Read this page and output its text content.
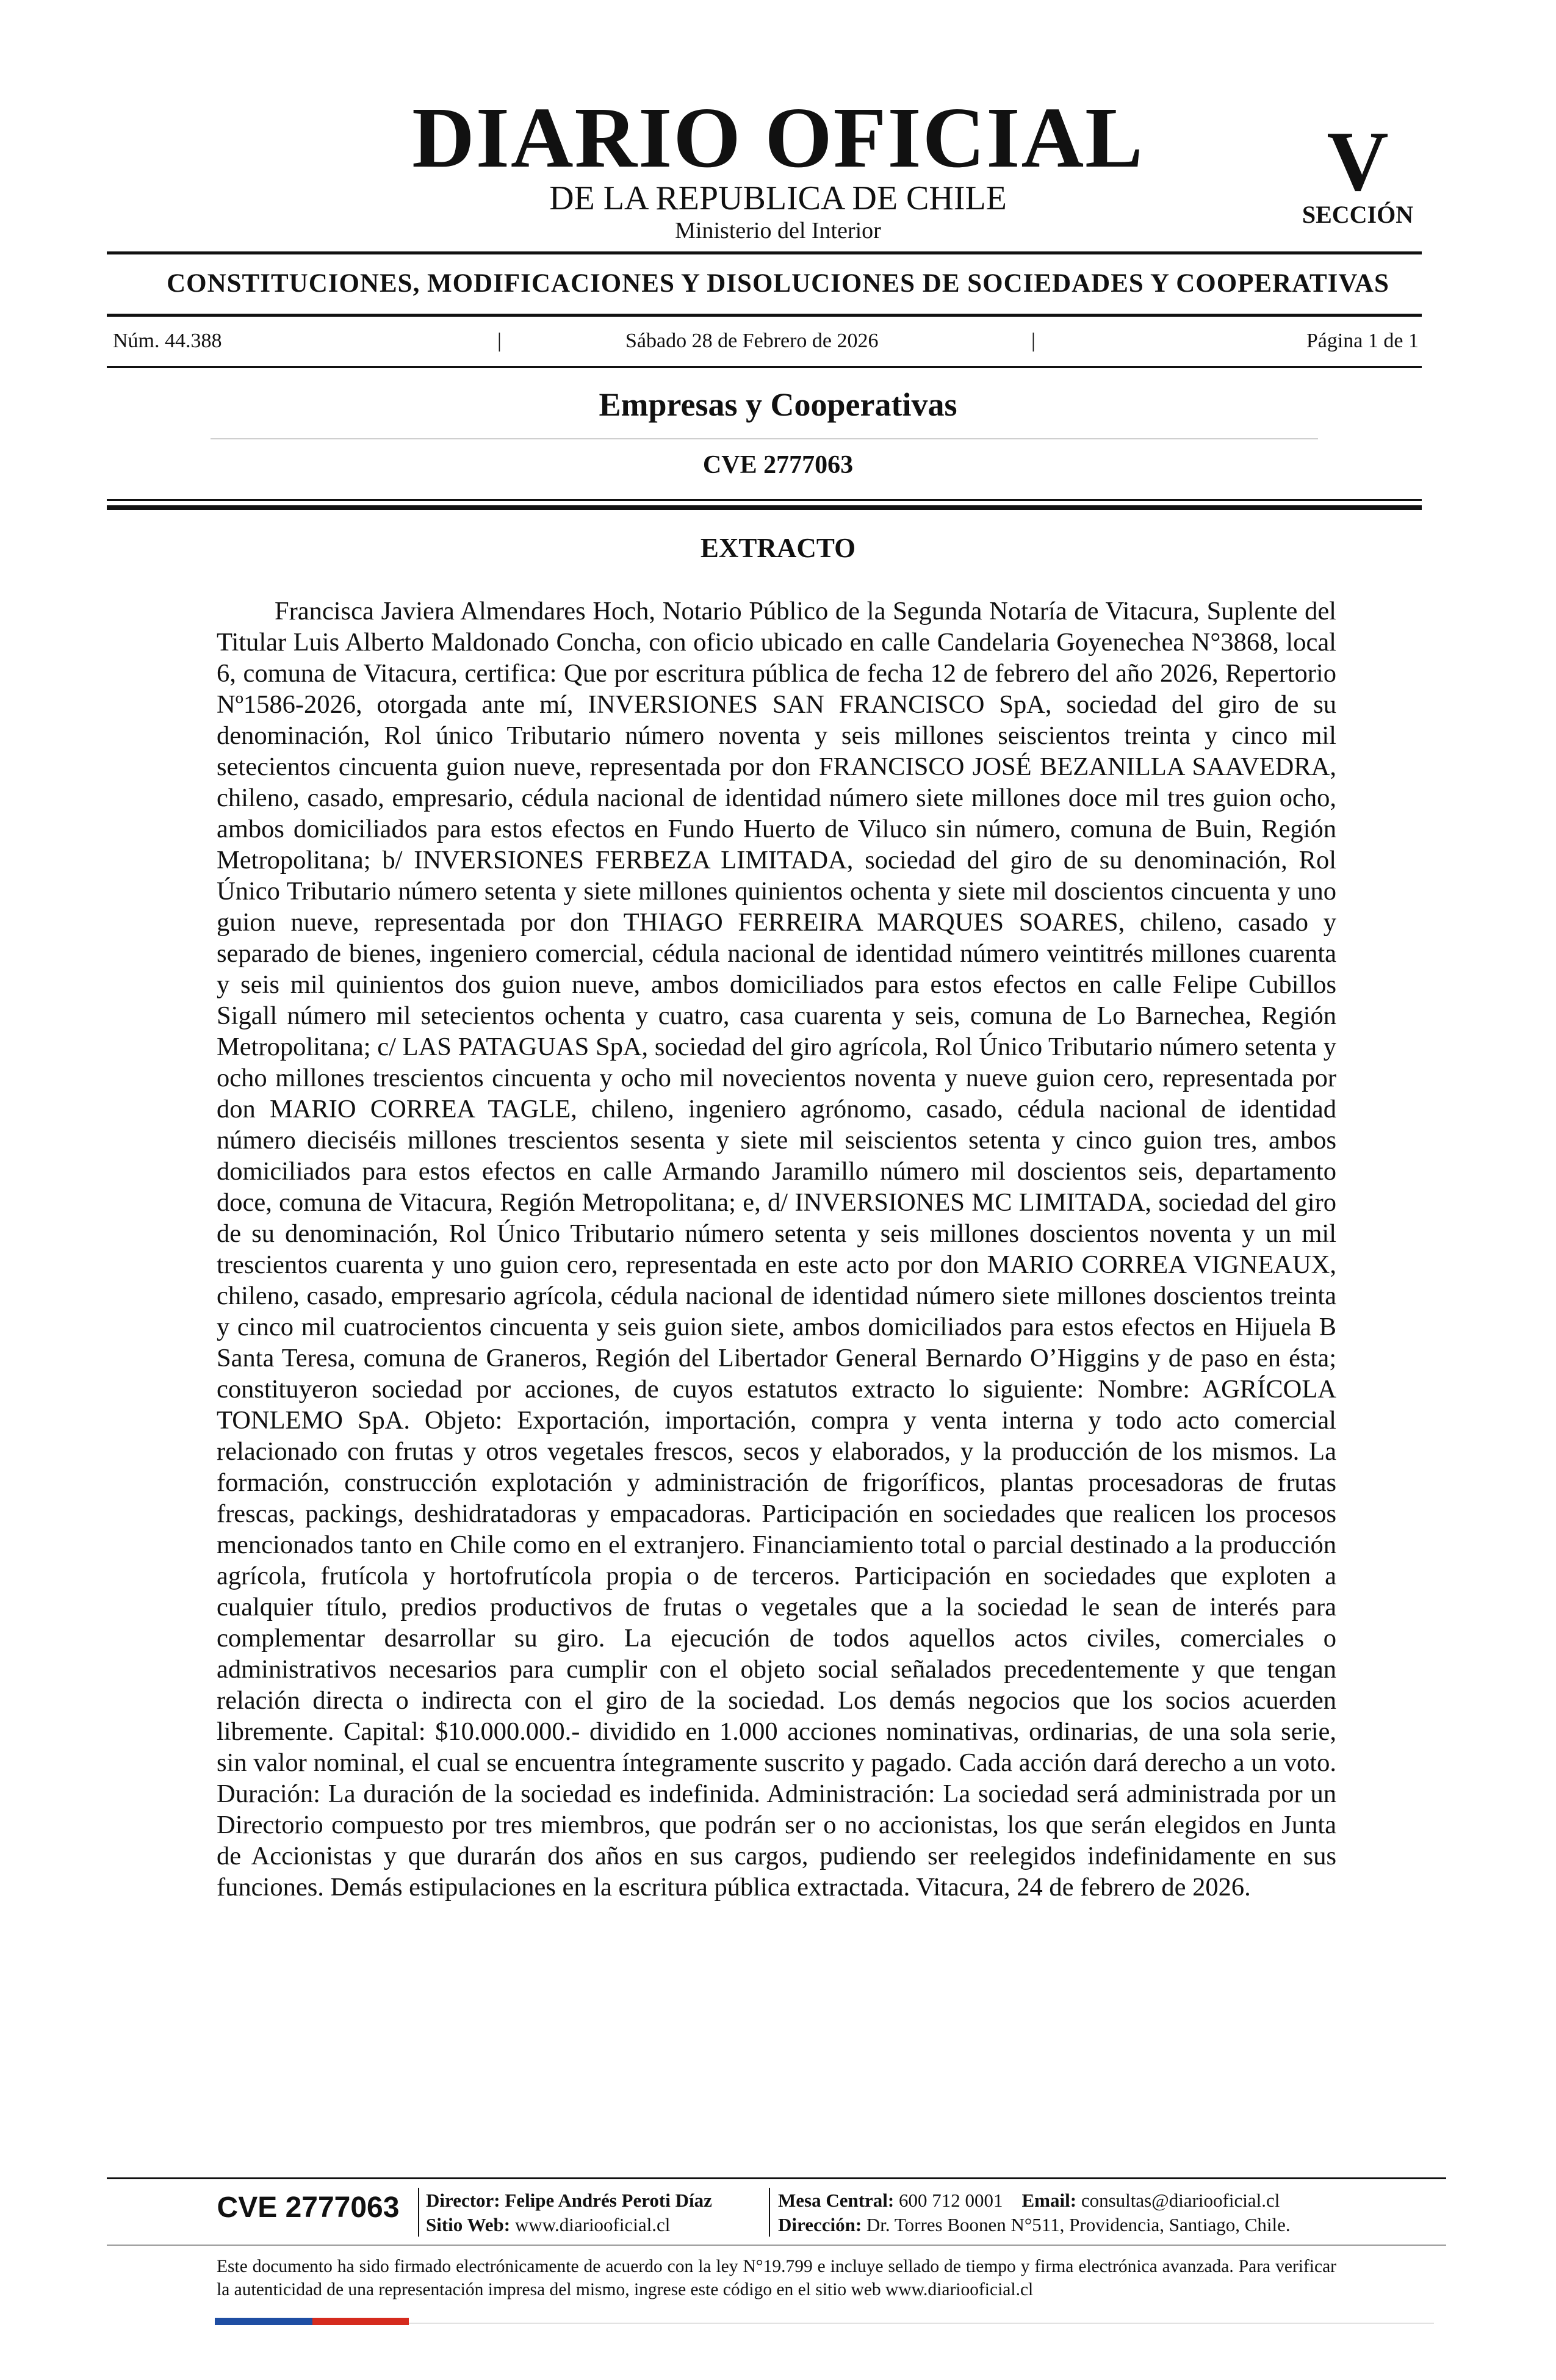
DIARIO OFICIAL
DE LA REPUBLICA DE CHILE
Ministerio del Interior
V
SECCIÓN
CONSTITUCIONES, MODIFICACIONES Y DISOLUCIONES DE SOCIEDADES Y COOPERATIVAS
Núm. 44.388	|	Sábado 28 de Febrero de 2026	|	Página 1 de 1
Empresas y Cooperativas
CVE 2777063
EXTRACTO

Francisca Javiera Almendares Hoch, Notario Público de la Segunda Notaría de Vitacura, Suplente del Titular Luis Alberto Maldonado Concha, con oficio ubicado en calle Candelaria Goyenechea N°3868, local 6, comuna de Vitacura, certifica: Que por escritura pública de fecha 12 de febrero del año 2026, Repertorio Nº1586-2026, otorgada ante mí, INVERSIONES SAN FRANCISCO SpA, sociedad del giro de su denominación, Rol único Tributario número noventa y seis millones seiscientos treinta y cinco mil setecientos cincuenta guion nueve, representada por don FRANCISCO JOSÉ BEZANILLA SAAVEDRA, chileno, casado, empresario, cédula nacional de identidad número siete millones doce mil tres guion ocho, ambos domiciliados para estos efectos en Fundo Huerto de Viluco sin número, comuna de Buin, Región Metropolitana; b/ INVERSIONES FERBEZA LIMITADA, sociedad del giro de su denominación, Rol Único Tributario número setenta y siete millones quinientos ochenta y siete mil doscientos cincuenta y uno guion nueve, representada por don THIAGO FERREIRA MARQUES SOARES, chileno, casado y separado de bienes, ingeniero comercial, cédula nacional de identidad número veintitrés millones cuarenta y seis mil quinientos dos guion nueve, ambos domiciliados para estos efectos en calle Felipe Cubillos Sigall número mil setecientos ochenta y cuatro, casa cuarenta y seis, comuna de Lo Barnechea, Región Metropolitana; c/ LAS PATAGUAS SpA, sociedad del giro agrícola, Rol Único Tributario número setenta y ocho millones trescientos cincuenta y ocho mil novecientos noventa y nueve guion cero, representada por don MARIO CORREA TAGLE, chileno, ingeniero agrónomo, casado, cédula nacional de identidad número dieciséis millones trescientos sesenta y siete mil seiscientos setenta y cinco guion tres, ambos domiciliados para estos efectos en calle Armando Jaramillo número mil doscientos seis, departamento doce, comuna de Vitacura, Región Metropolitana; e, d/ INVERSIONES MC LIMITADA, sociedad del giro de su denominación, Rol Único Tributario número setenta y seis millones doscientos noventa y un mil trescientos cuarenta y uno guion cero, representada en este acto por don MARIO CORREA VIGNEAUX, chileno, casado, empresario agrícola, cédula nacional de identidad número siete millones doscientos treinta y cinco mil cuatrocientos cincuenta y seis guion siete, ambos domiciliados para estos efectos en Hijuela B Santa Teresa, comuna de Graneros, Región del Libertador General Bernardo O’Higgins y de paso en ésta; constituyeron sociedad por acciones, de cuyos estatutos extracto lo siguiente: Nombre: AGRÍCOLA TONLEMO SpA. Objeto: Exportación, importación, compra y venta interna y todo acto comercial relacionado con frutas y otros vegetales frescos, secos y elaborados, y la producción de los mismos. La formación, construcción explotación y administración de frigoríficos, plantas procesadoras de frutas frescas, packings, deshidratadoras y empacadoras. Participación en sociedades que realicen los procesos mencionados tanto en Chile como en el extranjero. Financiamiento total o parcial destinado a la producción agrícola, frutícola y hortofrutícola propia o de terceros. Participación en sociedades que exploten a cualquier título, predios productivos de frutas o vegetales que a la sociedad le sean de interés para complementar desarrollar su giro. La ejecución de todos aquellos actos civiles, comerciales o administrativos necesarios para cumplir con el objeto social señalados precedentemente y que tengan relación directa o indirecta con el giro de la sociedad. Los demás negocios que los socios acuerden libremente. Capital: $10.000.000.- dividido en 1.000 acciones nominativas, ordinarias, de una sola serie, sin valor nominal, el cual se encuentra íntegramente suscrito y pagado. Cada acción dará derecho a un voto. Duración: La duración de la sociedad es indefinida. Administración: La sociedad será administrada por un Directorio compuesto por tres miembros, que podrán ser o no accionistas, los que serán elegidos en Junta de Accionistas y que durarán dos años en sus cargos, pudiendo ser reelegidos indefinidamente en sus funciones. Demás estipulaciones en la escritura pública extractada. Vitacura, 24 de febrero de 2026.

CVE 2777063	Director: Felipe Andrés Peroti Díaz
Sitio Web: www.diariooficial.cl
Mesa Central: 600 712 0001 Email: consultas@diariooficial.cl
Dirección: Dr. Torres Boonen N°511, Providencia, Santiago, Chile.
Este documento ha sido firmado electrónicamente de acuerdo con la ley N°19.799 e incluye sellado de tiempo y firma electrónica avanzada. Para verificar la autenticidad de una representación impresa del mismo, ingrese este código en el sitio web www.diariooficial.cl
